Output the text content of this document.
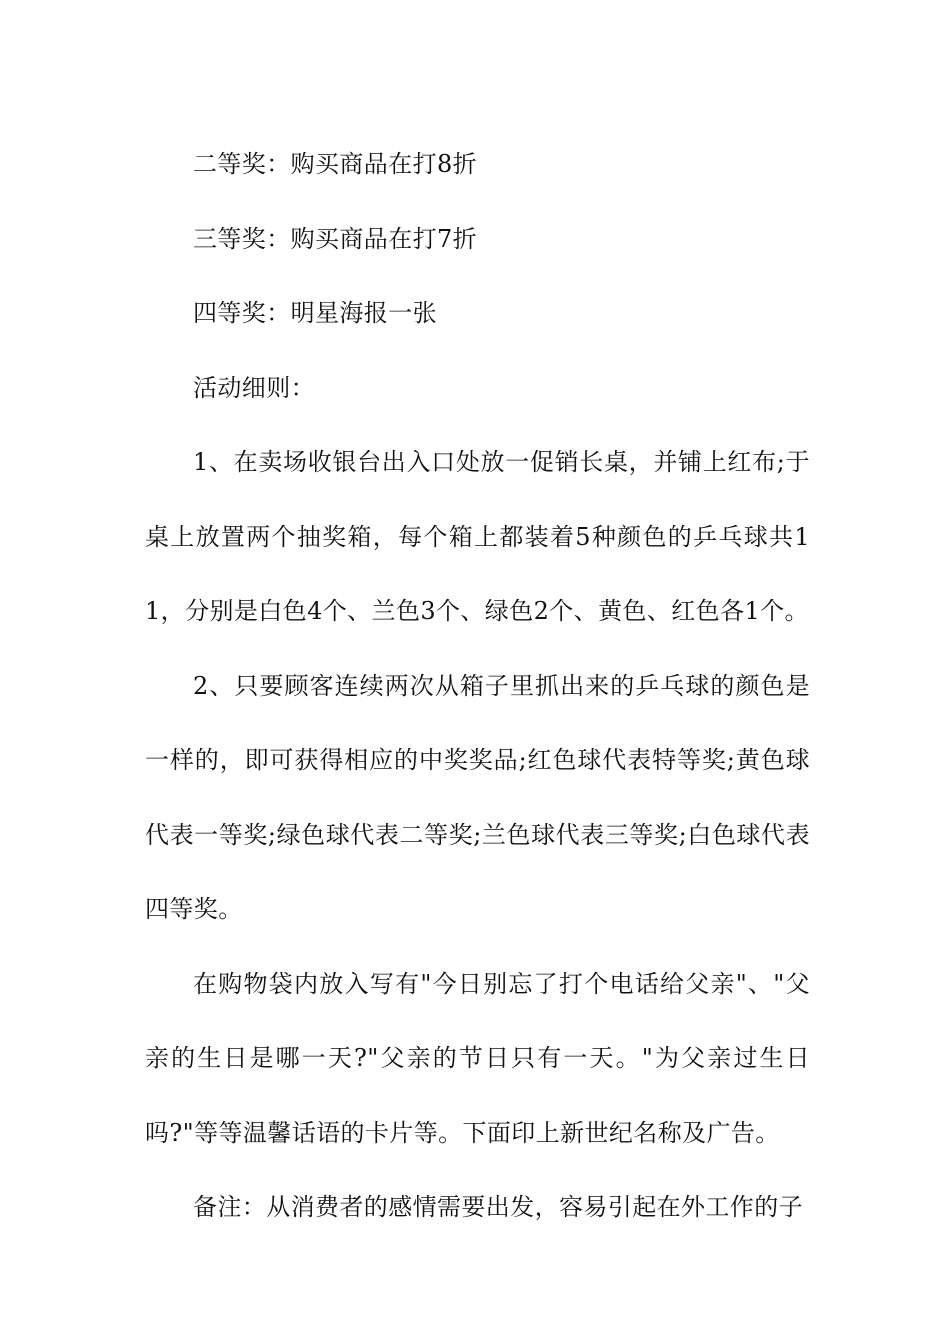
二等奖：购买商品在打8折

三等奖：购买商品在打7折

四等奖：明星海报一张

活动细则：

1、在卖场收银台出入口处放一促销长桌，并铺上红布;于桌上放置两个抽奖箱，每个箱上都装着5种颜色的乒乓球共11，分别是白色4个、兰色3个、绿色2个、黄色、红色各1个。

2、只要顾客连续两次从箱子里抓出来的乒乓球的颜色是一样的，即可获得相应的中奖奖品;红色球代表特等奖;黄色球代表一等奖;绿色球代表二等奖;兰色球代表三等奖;白色球代表四等奖。

在购物袋内放入写有"今日别忘了打个电话给父亲"、"父亲的生日是哪一天?"父亲的节日只有一天。"为父亲过生日吗?"等等温馨话语的卡片等。下面印上新世纪名称及广告。

备注：从消费者的感情需要出发，容易引起在外工作的子
